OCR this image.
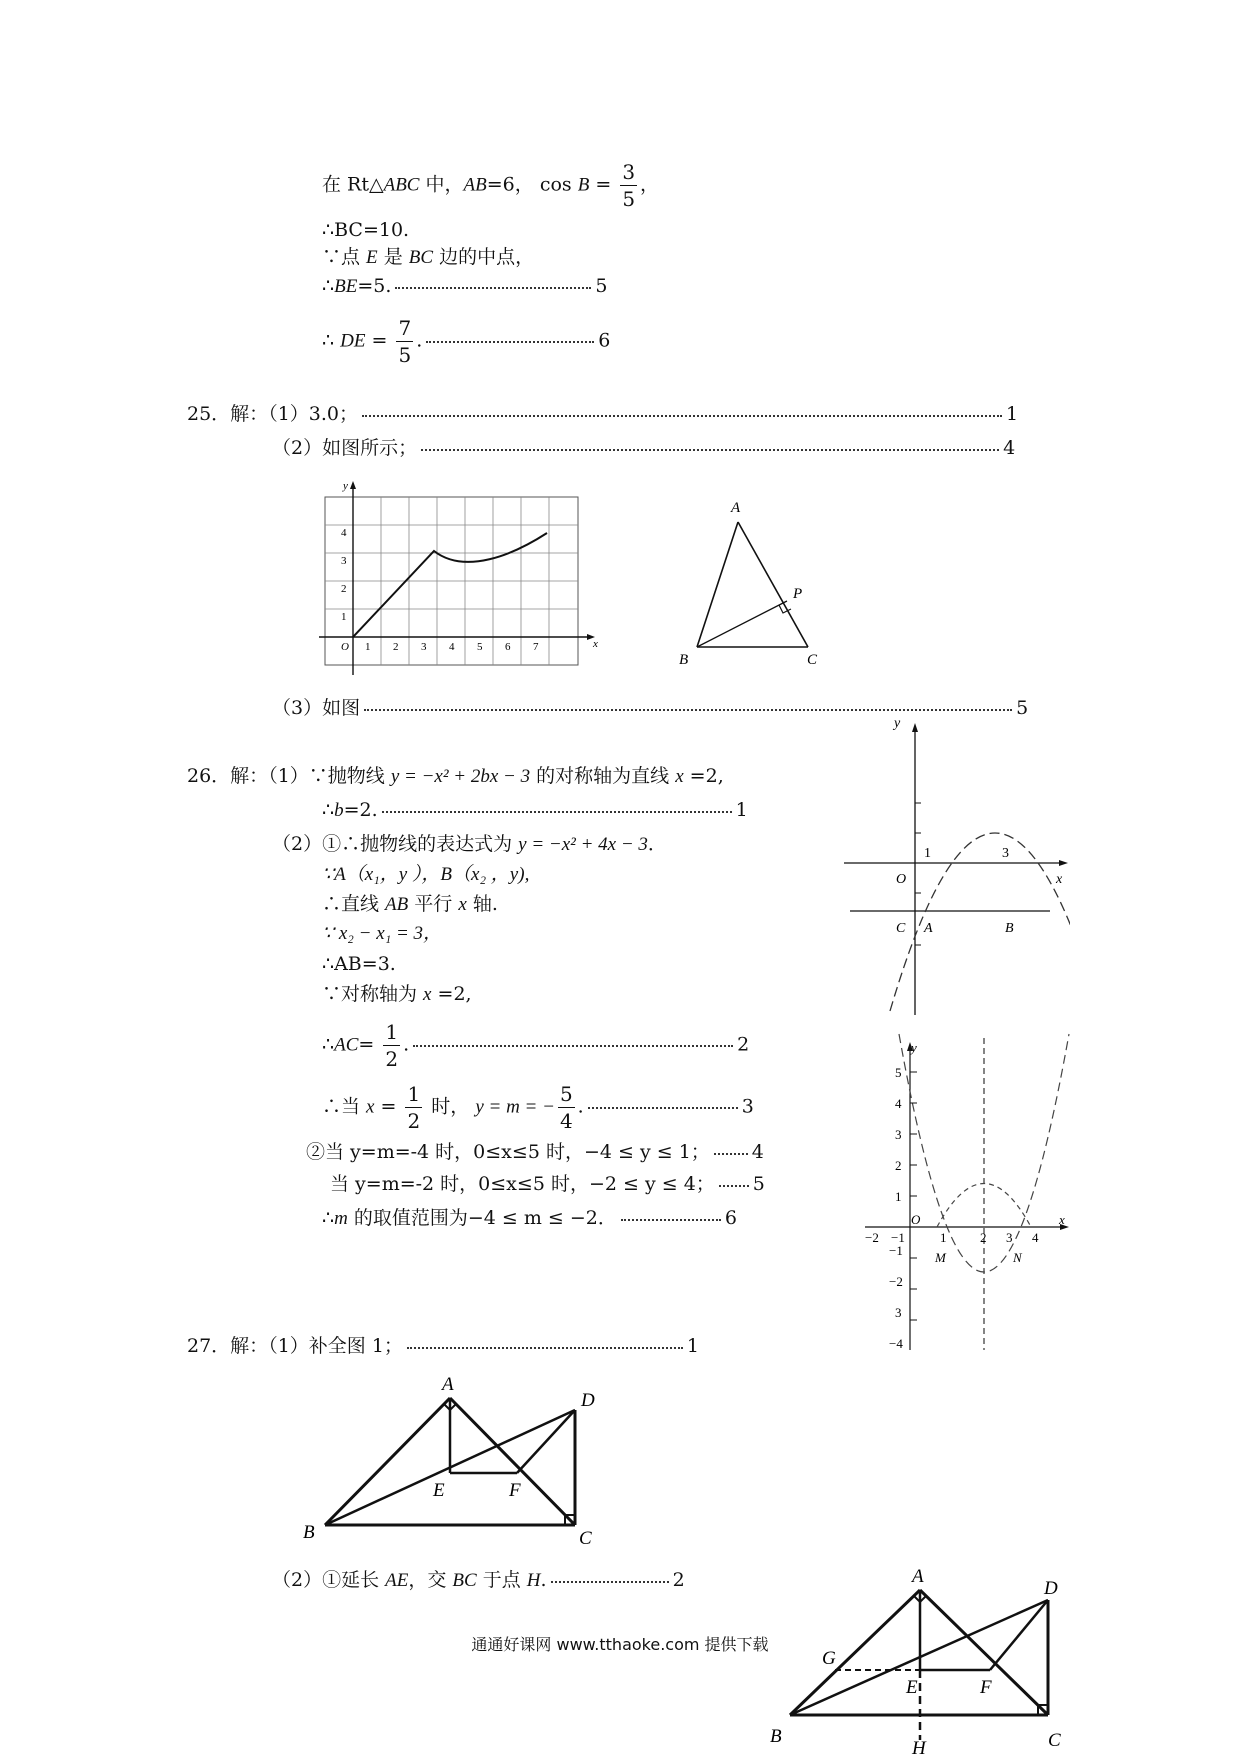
在 Rt△ABC 中，AB=6， $\cos B = \frac{3}{5}$ ，
∴BC=10.
∵点 E 是 BC 边的中点，
∴BE=5.	5
∴ DE = $\frac{7}{5}$ .	6
25．解：（1）3.0；	1
（2）如图所示；	4
y
x
O 1 2 3 4 5 6 7
1
2
3
4
A
B	C
P
（3）如图	5
26．解：（1）∵抛物线 y = −x² + 2bx − 3 的对称轴为直线 x =2,
∴b=2.	1
（2）①∴抛物线的表达式为 y = −x² + 4x − 3．
∵A（x₁，y ），B（x₂ ，y),
∴直线 AB 平行 x 轴.
∵ x₂ − x₁ = 3，
∴AB=3.
∵对称轴为 x =2,
∴AC= $\frac{1}{2}$ .	2
∴当 $x = \frac{1}{2}$ 时， y = m = − $\frac{5}{4}$ .	3
②当 y=m=-4 时，0≤x≤5 时，−4 ≤ y ≤ 1； 4
当 y=m=-2 时，0≤x≤5 时，−2 ≤ y ≤ 4； 5
∴m 的取值范围为−4 ≤ m ≤ −2．	6
y
x
O
1	3
C A	B
y
x
O
−2 −1	1	2 3 4
5
4
3
2
1
−1
−2
3
−4
M	N
27．解：（1）补全图 1；	1
A
B	C
D
E	F
（2）①延长 AE，交 BC 于点 H.	2	A
B	C
D
E	F
G
H
通通好课网 www.tthaoke.com 提供下载
